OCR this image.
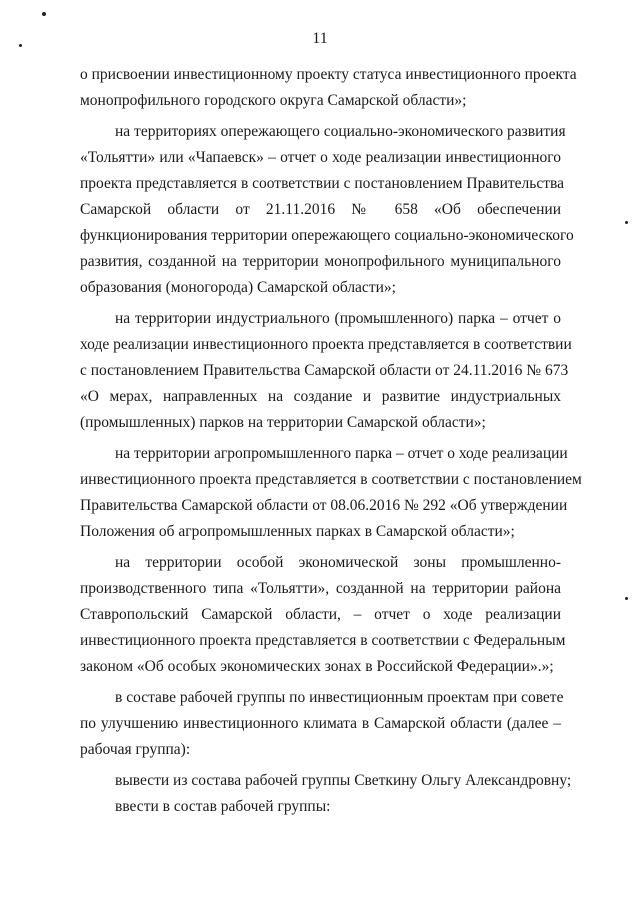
11
о присвоении инвестиционному проекту статуса инвестиционного проекта
монопрофильного городского округа Самарской области»;
на территориях опережающего социально-экономического развития
«Тольятти» или «Чапаевск» – отчет о ходе реализации инвестиционного
проекта представляется в соответствии с постановлением Правительства
Самарской области от 21.11.2016 № 658 «Об обеспечении
функционирования территории опережающего социально-экономического
развития, созданной на территории монопрофильного муниципального
образования (моногорода) Самарской области»;
на территории индустриального (промышленного) парка – отчет о
ходе реализации инвестиционного проекта представляется в соответствии
с постановлением Правительства Самарской области от 24.11.2016 № 673
«О мерах, направленных на создание и развитие индустриальных
(промышленных) парков на территории Самарской области»;
на территории агропромышленного парка – отчет о ходе реализации
инвестиционного проекта представляется в соответствии с постановлением
Правительства Самарской области от 08.06.2016 № 292 «Об утверждении
Положения об агропромышленных парках в Самарской области»;
на территории особой экономической зоны промышленно-
производственного типа «Тольятти», созданной на территории района
Ставропольский Самарской области, – отчет о ходе реализации
инвестиционного проекта представляется в соответствии с Федеральным
законом «Об особых экономических зонах в Российской Федерации».»;
в составе рабочей группы по инвестиционным проектам при совете
по улучшению инвестиционного климата в Самарской области (далее –
рабочая группа):
вывести из состава рабочей группы Светкину Ольгу Александровну;
ввести в состав рабочей группы:
